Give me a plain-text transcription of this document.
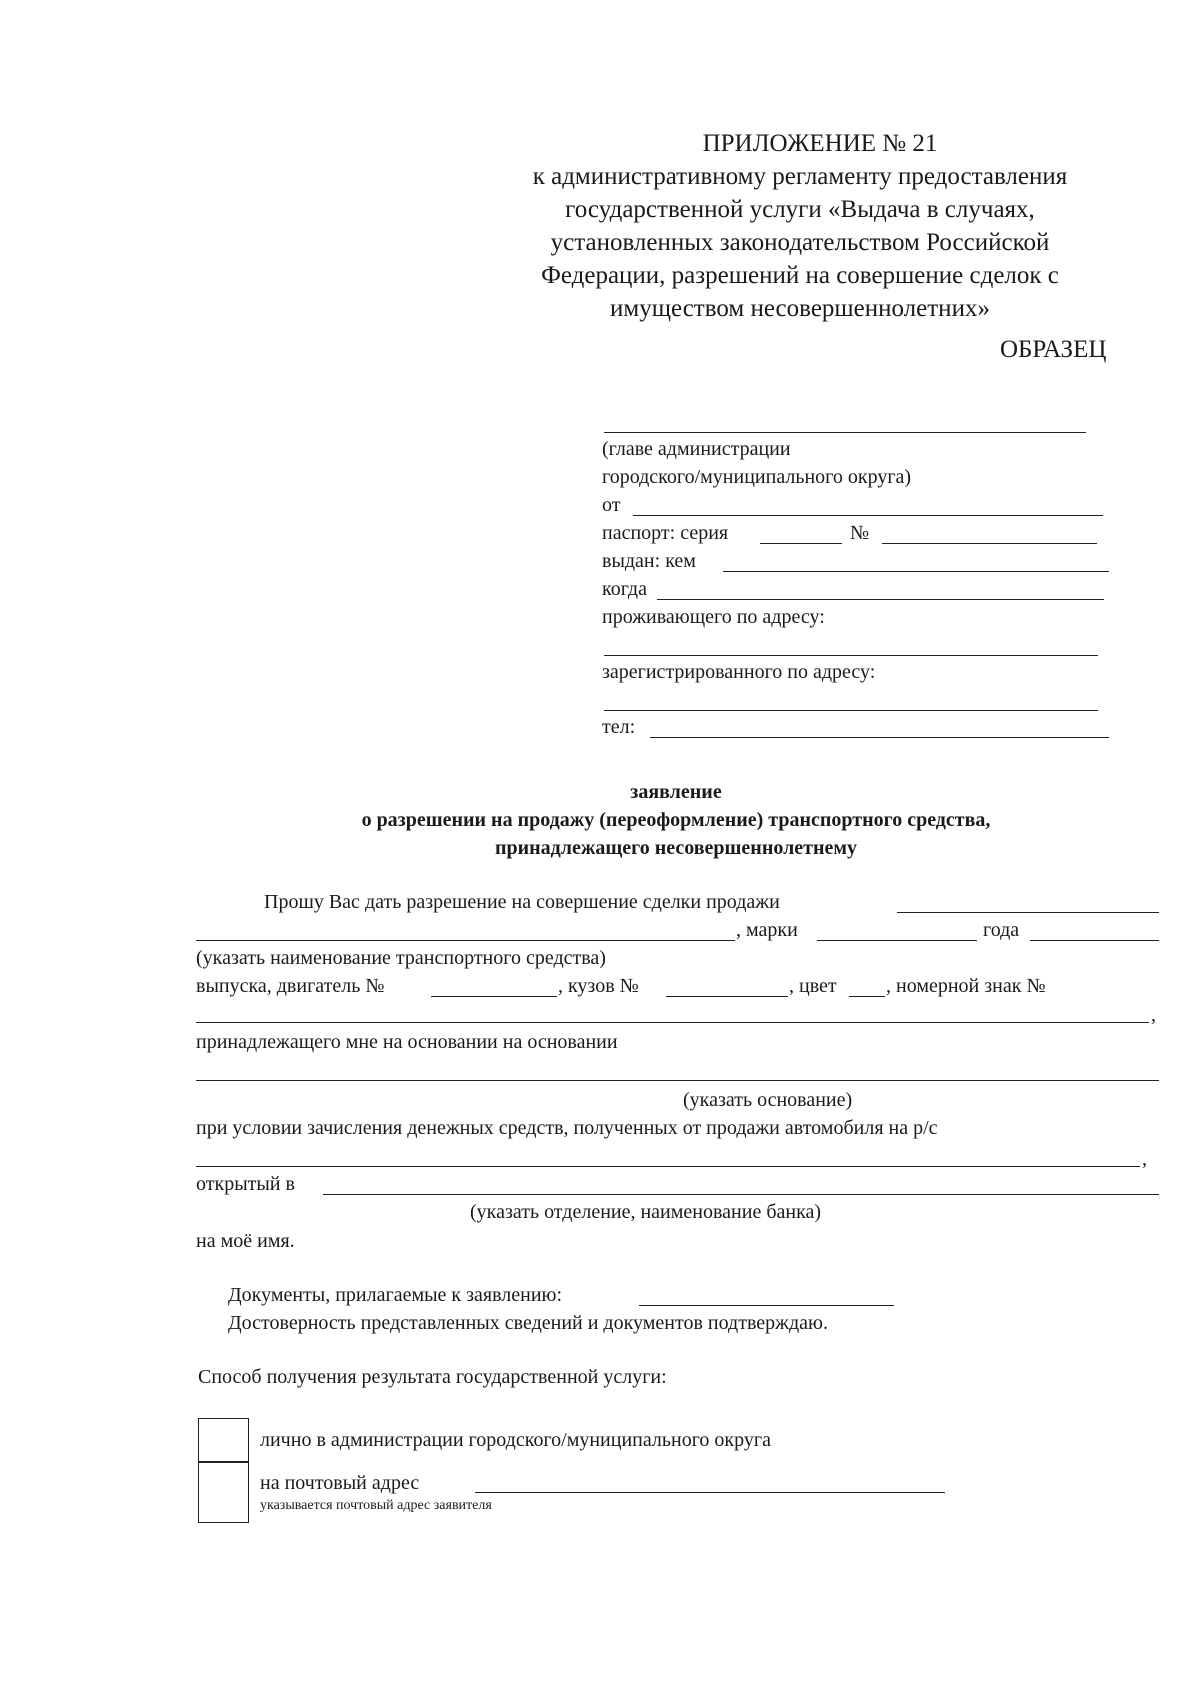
ПРИЛОЖЕНИЕ № 21
к административному регламенту предоставления
государственной услуги «Выдача в случаях,
установленных законодательством Российской
Федерации, разрешений на совершение сделок с
имуществом несовершеннолетних»
ОБРАЗЕЦ
(главе администрации
городского/муниципального округа)
от
паспорт: серия	№
выдан: кем
когда
проживающего по адресу:
зарегистрированного по адресу:
тел:
заявление
о разрешении на продажу (переоформление) транспортного средства,
принадлежащего несовершеннолетнему
Прошу Вас дать разрешение на совершение сделки продажи
, марки	года
(указать наименование транспортного средства)
выпуска, двигатель №	, кузов №	, цвет , номерной знак №
,
принадлежащего мне на основании на основании
(указать основание)
при условии зачисления денежных средств, полученных от продажи автомобиля на р/с
,
открытый в
(указать отделение, наименование банка)
на моё имя.
Документы, прилагаемые к заявлению:
Достоверность представленных сведений и документов подтверждаю.
Способ получения результата государственной услуги:
лично в администрации городского/муниципального округа
на почтовый адрес
указывается почтовый адрес заявителя
